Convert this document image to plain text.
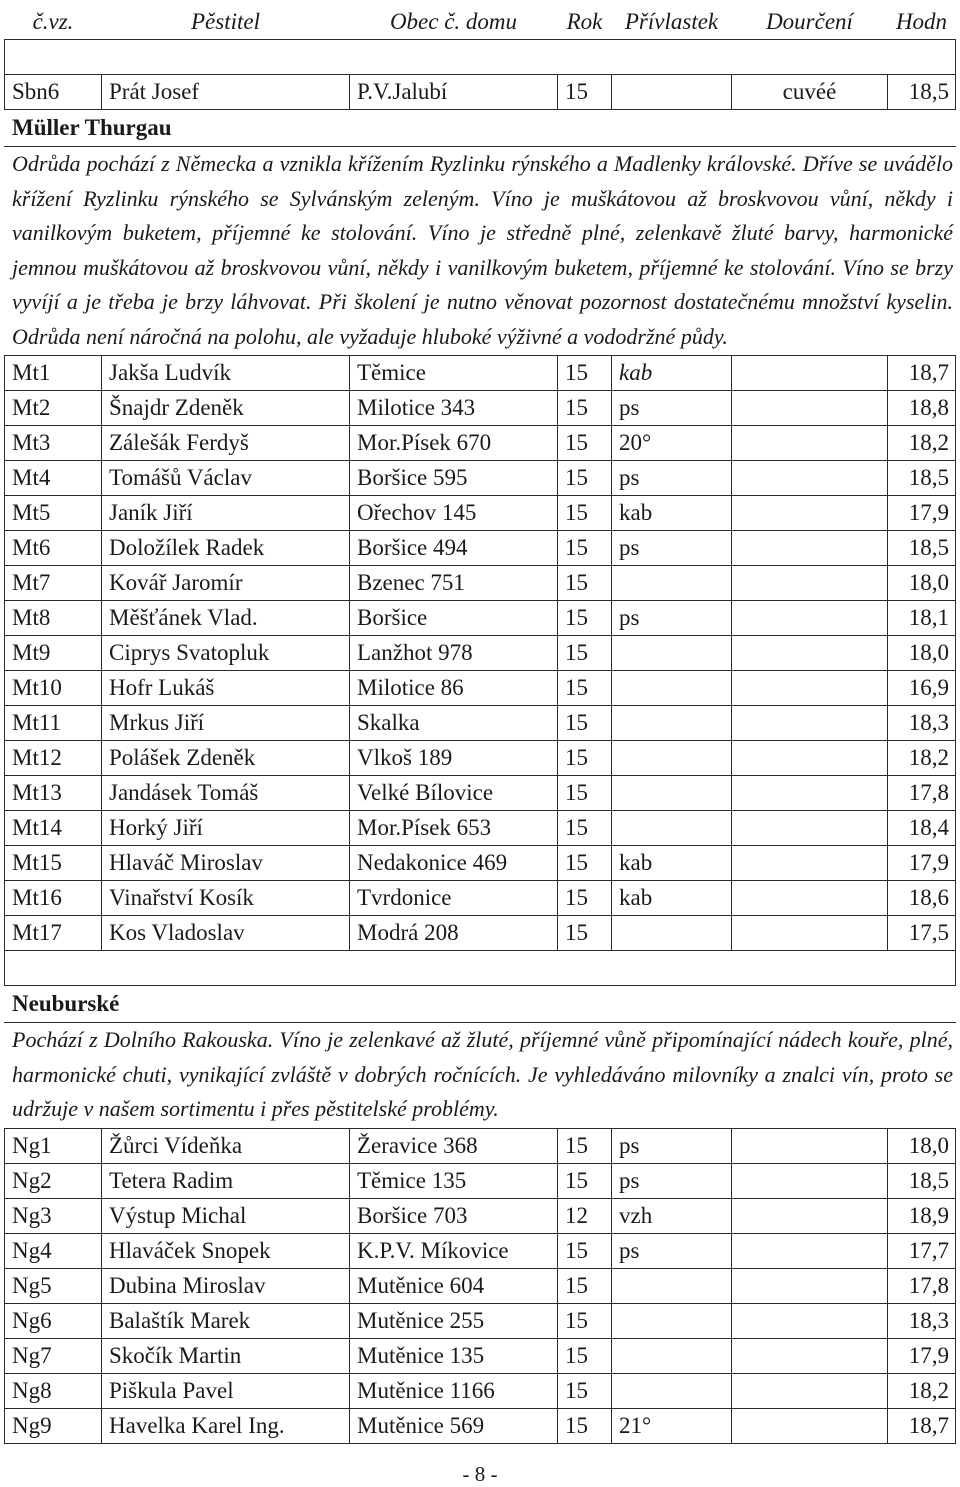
č.vz.	Pěstitel	Obec č. domu	Rok	Přívlastek	Dourčení	Hodn

Sbn6	Prát Josef	P.V.Jalubí	15		cuvéé	18,5
Müller Thurgau						
Odrůda pochází z Německa a vznikla křížením Ryzlinku rýnského a Madlenky královské. Dříve se uvádělo křížení Ryzlinku rýnského se Sylvánským zeleným. Víno je muškátovou až broskvovou vůní, někdy i vanilkovým buketem, příjemné ke stolování. Víno je středně plné, zelenkavě žluté barvy, harmonické jemnou muškátovou až broskvovou vůní, někdy i vanilkovým buketem, příjemné ke stolování. Víno se brzy vyvíjí a je třeba je brzy láhvovat. Při školení je nutno věnovat pozornost dostatečnému množství kyselin. Odrůda není náročná na polohu, ale vyžaduje hluboké výživné a vododržné půdy.						
Mt1	Jakša Ludvík	Těmice	15	kab		18,7
Mt2	Šnajdr Zdeněk	Milotice 343	15	ps		18,8
Mt3	Zálešák Ferdyš	Mor.Písek 670	15	20°		18,2
Mt4	Tomášů Václav	Boršice 595	15	ps		18,5
Mt5	Janík Jiří	Ořechov 145	15	kab		17,9
Mt6	Doložílek Radek	Boršice 494	15	ps		18,5
Mt7	Kovář Jaromír	Bzenec 751	15			18,0
Mt8	Měšťánek Vlad.	Boršice	15	ps		18,1
Mt9	Ciprys Svatopluk	Lanžhot 978	15			18,0
Mt10	Hofr Lukáš	Milotice 86	15			16,9
Mt11	Mrkus Jiří	Skalka	15			18,3
Mt12	Polášek Zdeněk	Vlkoš 189	15			18,2
Mt13	Jandásek Tomáš	Velké Bílovice	15			17,8
Mt14	Horký Jiří	Mor.Písek 653	15			18,4
Mt15	Hlaváč Miroslav	Nedakonice 469	15	kab		17,9
Mt16	Vinařství Kosík	Tvrdonice	15	kab		18,6
Mt17	Kos Vladoslav	Modrá 208	15			17,5

Neuburské						
Pochází z Dolního Rakouska. Víno je zelenkavé až žluté, příjemné vůně připomínající nádech kouře, plné, harmonické chuti, vynikající zvláště v dobrých ročnících. Je vyhledáváno milovníky a znalci vín, proto se udržuje v našem sortimentu i přes pěstitelské problémy.						
Ng1	Žůrci Vídeňka	Žeravice 368	15	ps		18,0
Ng2	Tetera Radim	Těmice 135	15	ps		18,5
Ng3	Výstup Michal	Boršice 703	12	vzh		18,9
Ng4	Hlaváček Snopek	K.P.V. Míkovice	15	ps		17,7
Ng5	Dubina Miroslav	Mutěnice 604	15			17,8
Ng6	Balaštík Marek	Mutěnice 255	15			18,3
Ng7	Skočík Martin	Mutěnice 135	15			17,9
Ng8	Piškula Pavel	Mutěnice 1166	15			18,2
Ng9	Havelka Karel Ing.	Mutěnice 569	15	21°		18,7
- 8 -
